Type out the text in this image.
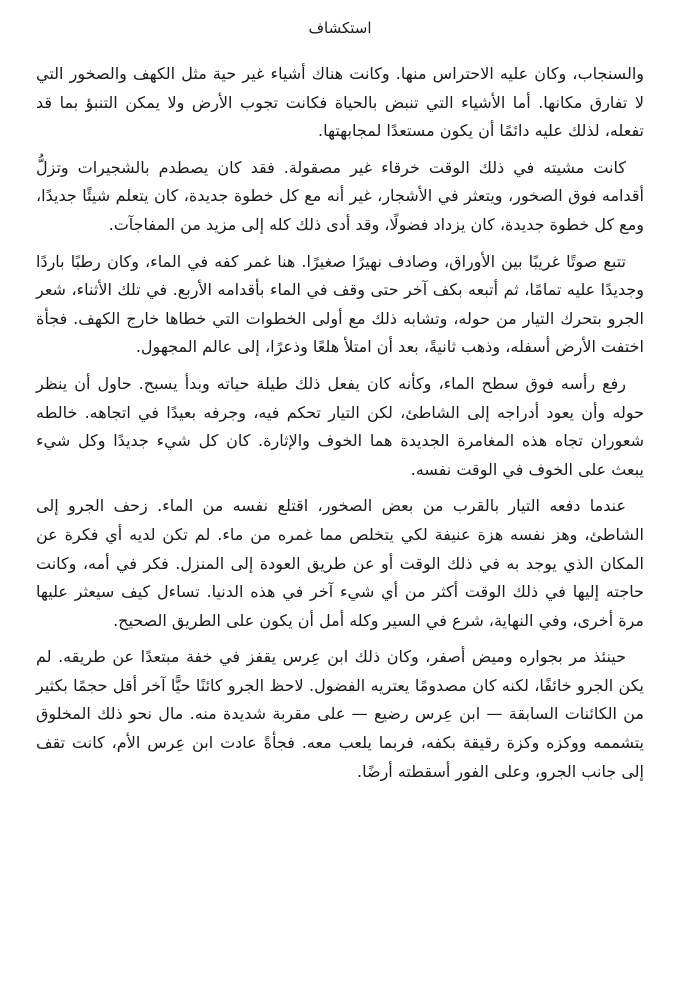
استكشاف

والسنجاب، وكان عليه الاحتراس منها. وكانت هناك أشياء غير حية مثل الكهف والصخور التي لا تفارق مكانها. أما الأشياء التي تنبض بالحياة فكانت تجوب الأرض ولا يمكن التنبؤ بما قد تفعله، لذلك عليه دائمًا أن يكون مستعدًا لمجابهتها.

كانت مشيته في ذلك الوقت خرقاء غير مصقولة. فقد كان يصطدم بالشجيرات وتزلُّ أقدامه فوق الصخور، ويتعثر في الأشجار، غير أنه مع كل خطوة جديدة، كان يتعلم شيئًا جديدًا، ومع كل خطوة جديدة، كان يزداد فضولًا، وقد أدى ذلك كله إلى مزيد من المفاجآت.

تتبع صوتًا غريبًا بين الأوراق، وصادف نهيرًا صغيرًا. هنا غمر كفه في الماء، وكان رطبًا باردًا وجديدًا عليه تمامًا، ثم أتبعه بكف آخر حتى وقف في الماء بأقدامه الأربع. في تلك الأثناء، شعر الجرو بتحرك التيار من حوله، وتشابه ذلك مع أولى الخطوات التي خطاها خارج الكهف. فجأة اختفت الأرض أسفله، وذهب ثانيةً، بعد أن امتلأ هلعًا وذعرًا، إلى عالم المجهول.

رفع رأسه فوق سطح الماء، وكأنه كان يفعل ذلك طيلة حياته وبدأ يسبح. حاول أن ينظر حوله وأن يعود أدراجه إلى الشاطئ، لكن التيار تحكم فيه، وجرفه بعيدًا في اتجاهه. خالطه شعوران تجاه هذه المغامرة الجديدة هما الخوف والإثارة. كان كل شيء جديدًا وكل شيء يبعث على الخوف في الوقت نفسه.

عندما دفعه التيار بالقرب من بعض الصخور، اقتلع نفسه من الماء. زحف الجرو إلى الشاطئ، وهز نفسه هزة عنيفة لكي يتخلص مما غمره من ماء. لم تكن لديه أي فكرة عن المكان الذي يوجد به في ذلك الوقت أو عن طريق العودة إلى المنزل. فكر في أمه، وكانت حاجته إليها في ذلك الوقت أكثر من أي شيء آخر في هذه الدنيا. تساءل كيف سيعثر عليها مرة أخرى، وفي النهاية، شرع في السير وكله أمل أن يكون على الطريق الصحيح.

حينئذ مر بجواره وميض أصفر، وكان ذلك ابن عِرس يقفز في خفة مبتعدًا عن طريقه. لم يكن الجرو خائفًا، لكنه كان مصدومًا يعتريه الفضول. لاحظ الجرو كائنًا حيًّا آخر أقل حجمًا بكثير من الكائنات السابقة — ابن عِرس رضيع — على مقربة شديدة منه. مال نحو ذلك المخلوق يتشممه ووكزه وكزة رقيقة بكفه، فربما يلعب معه. فجأةً عادت ابن عِرس الأم، كانت تقف إلى جانب الجرو، وعلى الفور أسقطته أرضًا.
